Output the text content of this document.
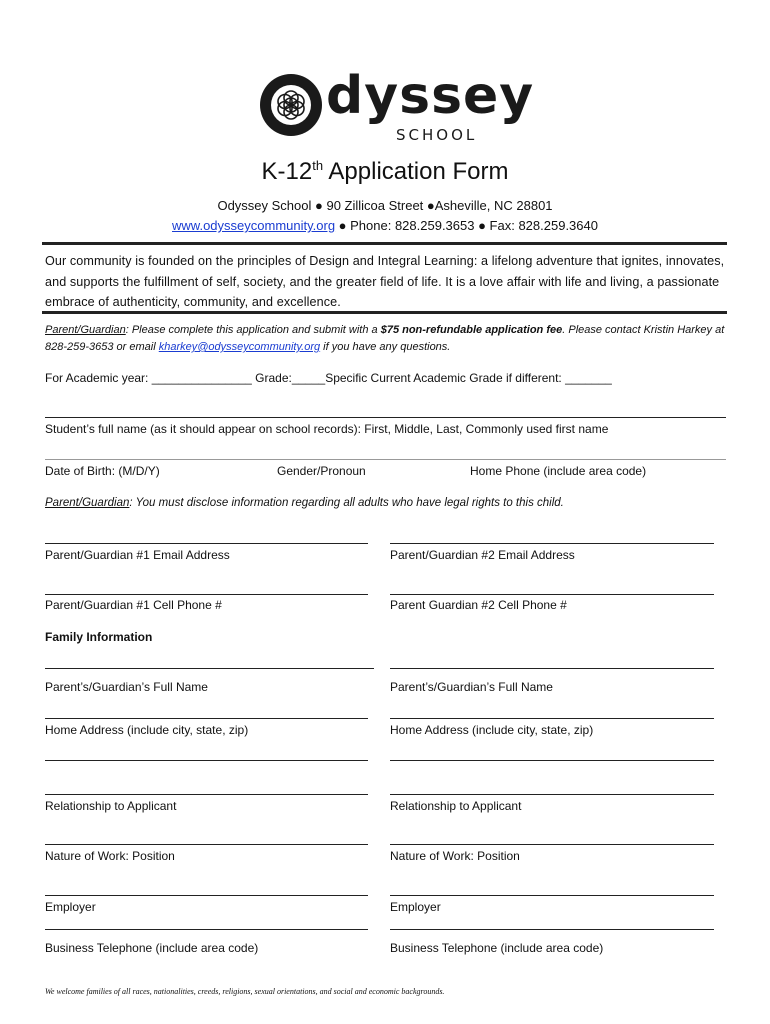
dyssey
SCHOOL
K-12th Application Form
Odyssey School ● 90 Zillicoa Street ●Asheville, NC 28801
www.odysseycommunity.org ● Phone: 828.259.3653 ● Fax: 828.259.3640
Our community is founded on the principles of Design and Integral Learning: a lifelong adventure that ignites, innovates, and supports the fulfillment of self, society, and the greater field of life. It is a love affair with life and living, a passionate embrace of authenticity, community, and excellence.
Parent/Guardian: Please complete this application and submit with a $75 non-refundable application fee. Please contact Kristin Harkey at 828-259-3653 or email kharkey@odysseycommunity.org if you have any questions.
For Academic year: _______________ Grade:_____Specific Current Academic Grade if different: _______
Student’s full name (as it should appear on school records): First, Middle, Last, Commonly used first name
Date of Birth: (M/D/Y)	Gender/Pronoun	Home Phone (include area code)
Parent/Guardian: You must disclose information regarding all adults who have legal rights to this child.
Parent/Guardian #1 Email Address	Parent/Guardian #2 Email Address
Parent/Guardian #1 Cell Phone #	Parent Guardian #2 Cell Phone #
Family Information
Parent’s/Guardian’s Full Name	Parent’s/Guardian’s Full Name
Home Address (include city, state, zip)	Home Address (include city, state, zip)
Relationship to Applicant	Relationship to Applicant
Nature of Work: Position	Nature of Work: Position
Employer	Employer
Business Telephone (include area code)	Business Telephone (include area code)
We welcome families of all races, nationalities, creeds, religions, sexual orientations, and social and economic backgrounds.
